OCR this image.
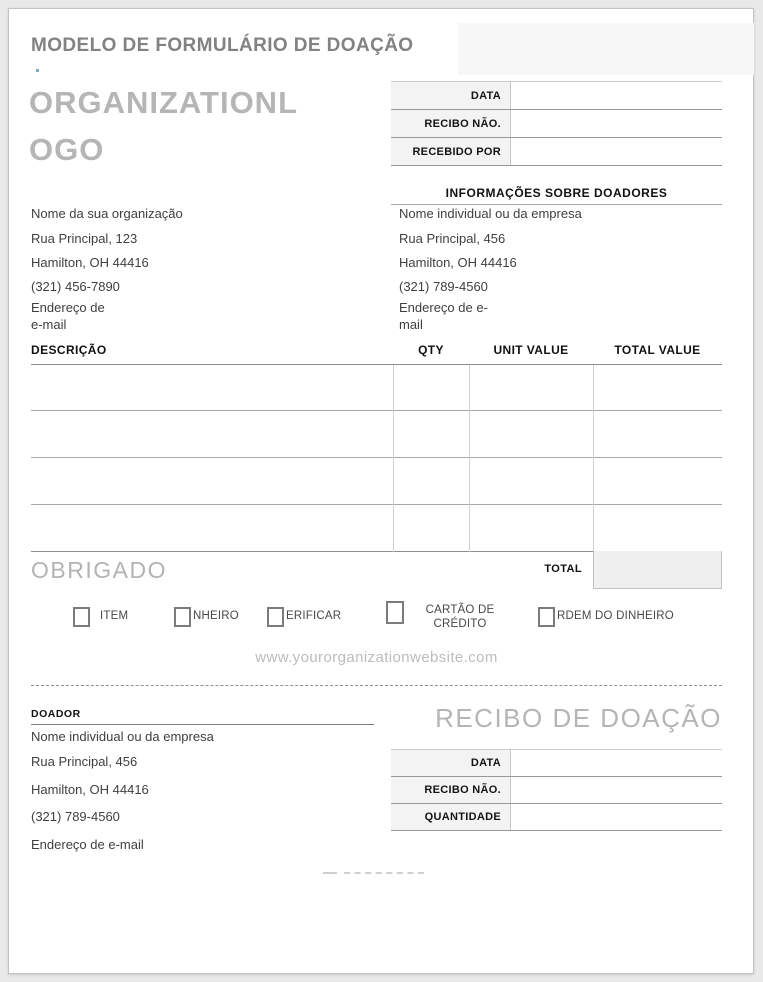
MODELO DE FORMULÁRIO DE DOAÇÃO
ORGANIZATIONL
OGO
DATA
RECIBO NÃO.
RECEBIDO POR
INFORMAÇÕES SOBRE DOADORES
Nome da sua organização
Rua Principal, 123
Hamilton, OH 44416
(321) 456-7890
Endereço de
e-mail
Nome individual ou da empresa
Rua Principal, 456
Hamilton, OH 44416
(321) 789-4560
Endereço de e-
mail
DESCRIÇÃO	QTY	UNIT VALUE	TOTAL VALUE
OBRIGADO	TOTAL
ITEM	NHEIRO	ERIFICAR	CARTÃO DE CRÉDITO
RDEM DO DINHEIRO
www.yourorganizationwebsite.com
DOADOR	RECIBO DE DOAÇÃO
Nome individual ou da empresa
Rua Principal, 456
Hamilton, OH 44416
(321) 789-4560
Endereço de e-mail
DATA
RECIBO NÃO.
QUANTIDADE
